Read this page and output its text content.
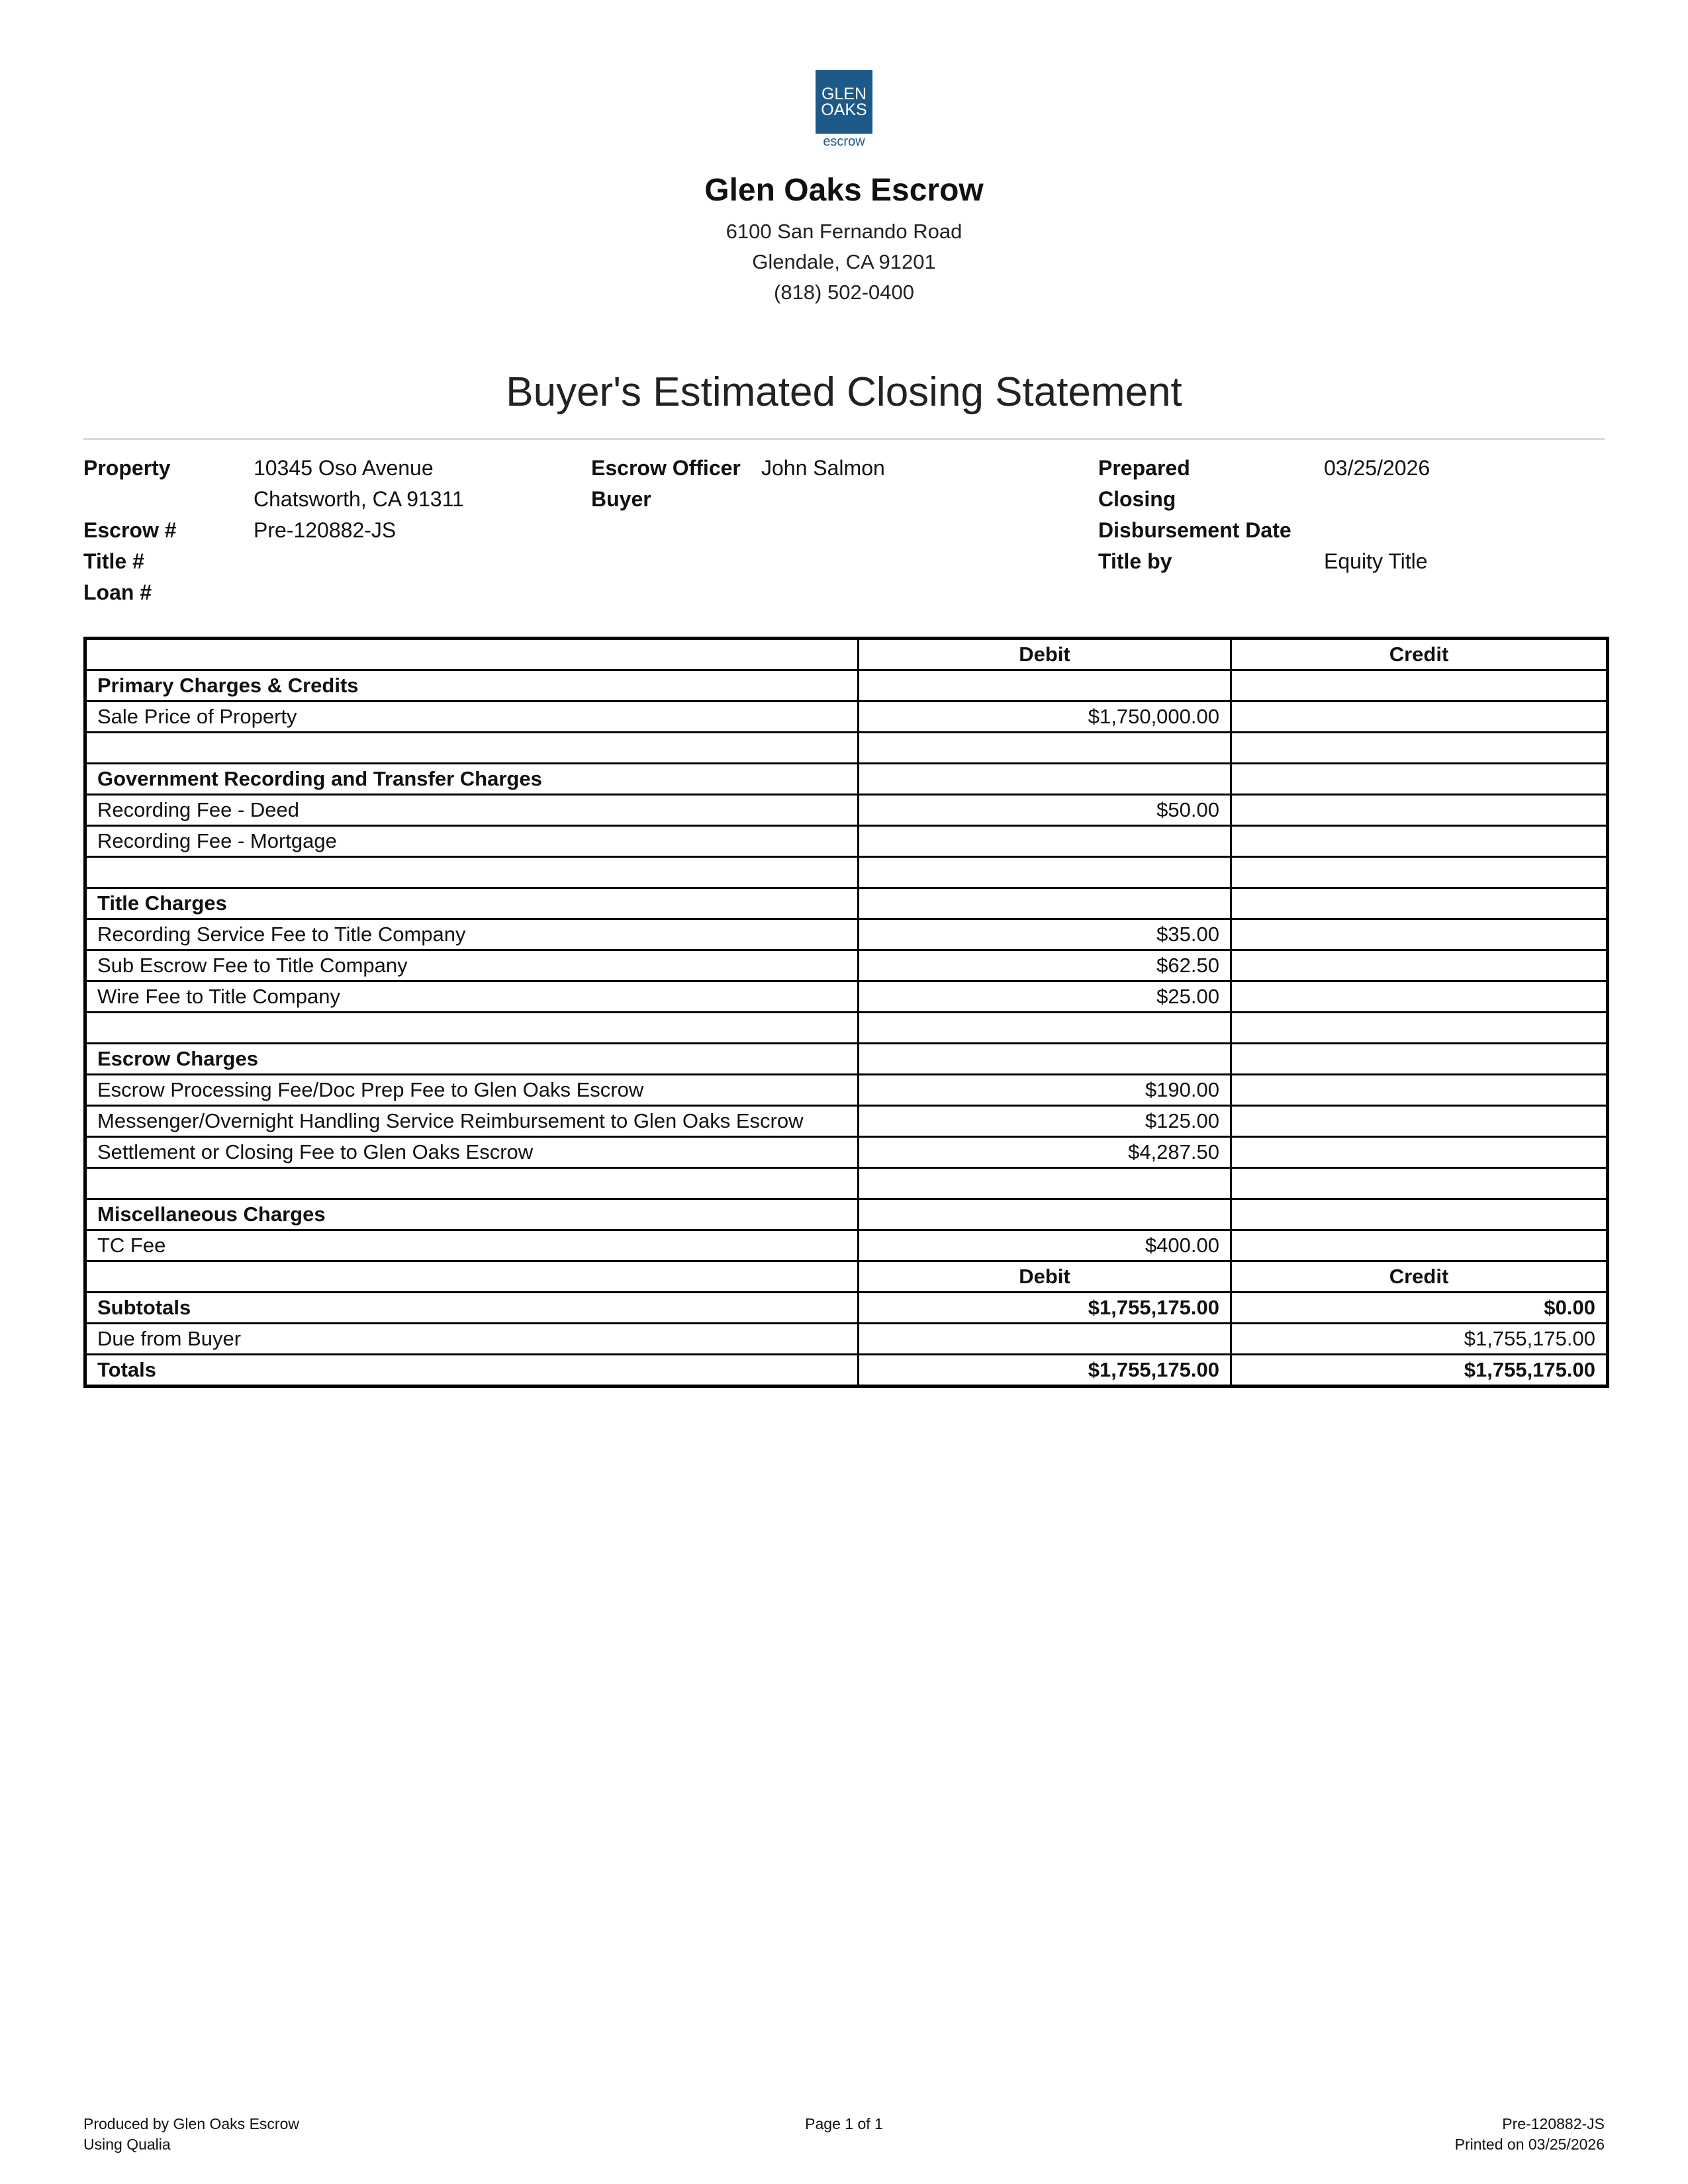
GLEN
OAKS
escrow
Glen Oaks Escrow
6100 San Fernando Road
Glendale, CA 91201
(818) 502-0400
Buyer's Estimated Closing Statement
Property	10345 Oso Avenue
Chatsworth, CA 91311
Escrow #	Pre-120882-JS
Title #
Loan #
Escrow Officer John Salmon
Buyer
Prepared	03/25/2026
Closing
Disbursement Date
Title by	Equity Title
	Debit	Credit
Primary Charges & Credits		
Sale Price of Property	$1,750,000.00	

Government Recording and Transfer Charges		
Recording Fee - Deed	$50.00	
Recording Fee - Mortgage		

Title Charges		
Recording Service Fee to Title Company	$35.00	
Sub Escrow Fee to Title Company	$62.50	
Wire Fee to Title Company	$25.00	

Escrow Charges		
Escrow Processing Fee/Doc Prep Fee to Glen Oaks Escrow	$190.00	
Messenger/Overnight Handling Service Reimbursement to Glen Oaks Escrow	$125.00	
Settlement or Closing Fee to Glen Oaks Escrow	$4,287.50	

Miscellaneous Charges		
TC Fee	$400.00	
	Debit	Credit
Subtotals	$1,755,175.00	$0.00
Due from Buyer		$1,755,175.00
Totals	$1,755,175.00	$1,755,175.00
Produced by Glen Oaks Escrow
Using Qualia
Page 1 of 1	Pre-120882-JS
Printed on 03/25/2026
